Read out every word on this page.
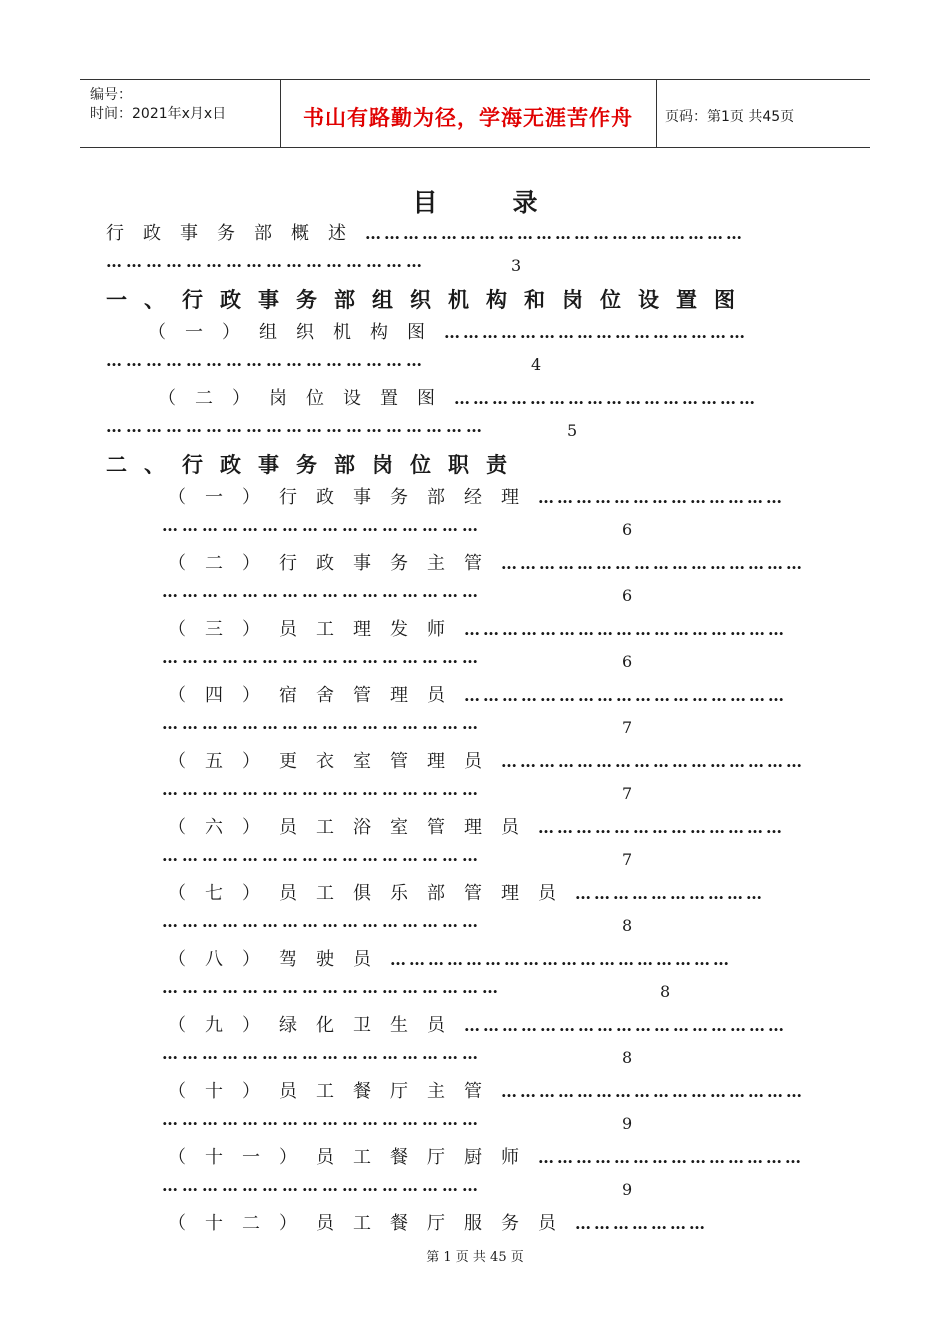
编号：
时间：2021年x月x日	书山有路勤为径，学海无涯苦作舟 页码：第1页 共45页
目	录
行政事务部概述……………………………………………………
…………………………………………	3
一、行政事务部组织机构和岗位设置图
（一）组织机构图…………………………………………
…………………………………………	4
（二）岗位设置图…………………………………………
…………………………………………………	5
二、行政事务部岗位职责
（一）行政事务部经理…………………………………
…………………………………………	6
（二）行政事务主管…………………………………………
…………………………………………	6
（三）员工理发师……………………………………………
…………………………………………	6
（四）宿舍管理员……………………………………………
…………………………………………	7
（五）更衣室管理员…………………………………………
…………………………………………	7
（六）员工浴室管理员…………………………………
…………………………………………	7
（七）员工俱乐部管理员…………………………
…………………………………………	8
（八）驾驶员………………………………………………
……………………………………………	8
（九）绿化卫生员……………………………………………
…………………………………………	8
（十）员工餐厅主管…………………………………………
…………………………………………	9
（十一）员工餐厅厨师……………………………………
…………………………………………	9
（十二）员工餐厅服务员…………………
第 1 页 共 45 页
